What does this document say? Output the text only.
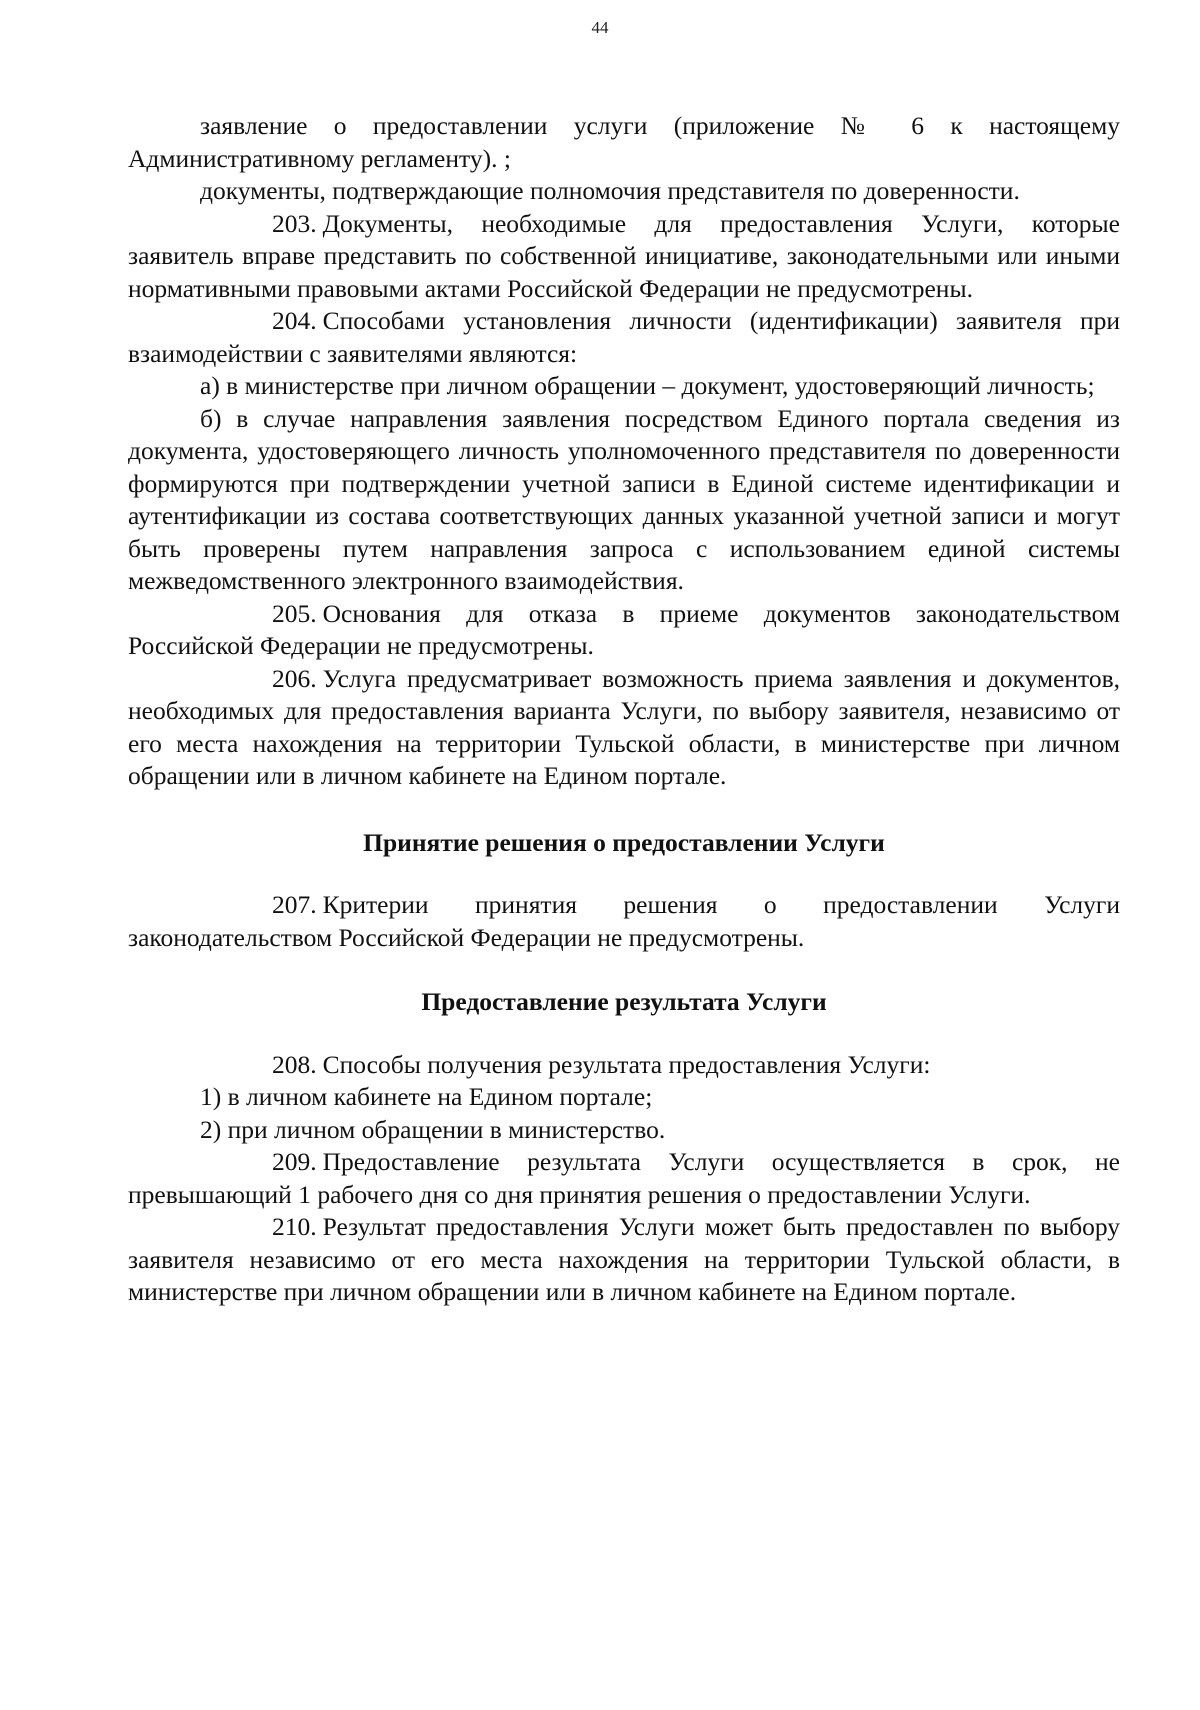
44

заявление о предоставлении услуги (приложение № 6 к настоящему Административному регламенту). ;

документы, подтверждающие полномочия представителя по доверенности.

203. Документы, необходимые для предоставления Услуги, которые заявитель вправе представить по собственной инициативе, законодательными или иными нормативными правовыми актами Российской Федерации не предусмотрены.

204. Способами установления личности (идентификации) заявителя при взаимодействии с заявителями являются:

а) в министерстве при личном обращении – документ, удостоверяющий личность;

б) в случае направления заявления посредством Единого портала сведения из документа, удостоверяющего личность уполномоченного представителя по доверенности формируются при подтверждении учетной записи в Единой системе идентификации и аутентификации из состава соответствующих данных указанной учетной записи и могут быть проверены путем направления запроса с использованием единой системы межведомственного электронного взаимодействия.

205. Основания для отказа в приеме документов законодательством Российской Федерации не предусмотрены.

206. Услуга предусматривает возможность приема заявления и документов, необходимых для предоставления варианта Услуги, по выбору заявителя, независимо от его места нахождения на территории Тульской области, в министерстве при личном обращении или в личном кабинете на Едином портале.

Принятие решения о предоставлении Услуги

207. Критерии принятия решения о предоставлении Услуги законодательством Российской Федерации не предусмотрены.

Предоставление результата Услуги

208. Способы получения результата предоставления Услуги:

1) в личном кабинете на Едином портале;

2) при личном обращении в министерство.

209. Предоставление результата Услуги осуществляется в срок, не превышающий 1 рабочего дня со дня принятия решения о предоставлении Услуги.

210. Результат предоставления Услуги может быть предоставлен по выбору заявителя независимо от его места нахождения на территории Тульской области, в министерстве при личном обращении или в личном кабинете на Едином портале.
